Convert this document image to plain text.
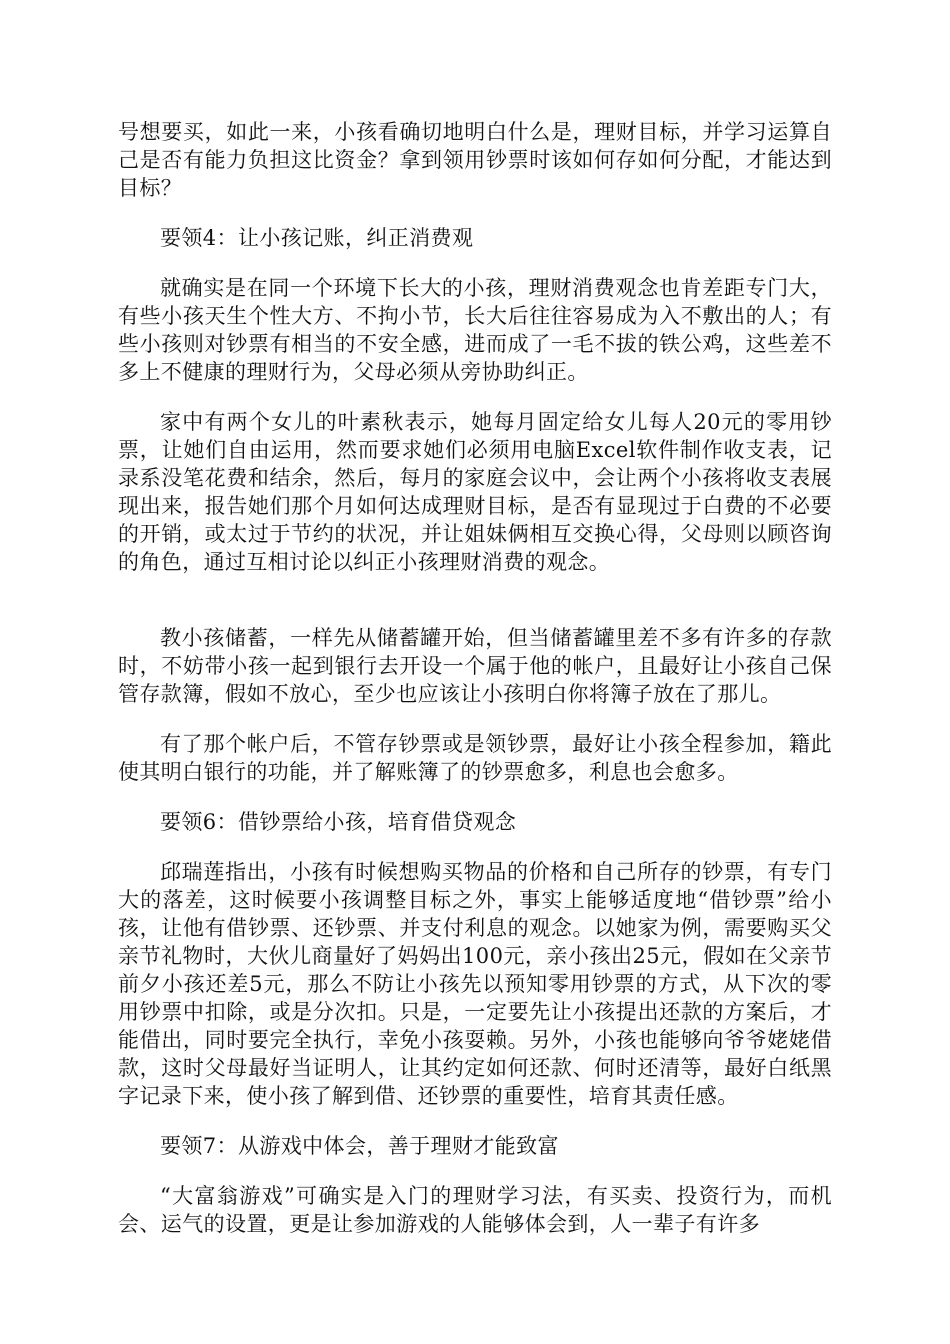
号想要买，如此一来，小孩看确切地明白什么是，理财目标，并学习运算自己是否有能力负担这比资金？拿到领用钞票时该如何存如何分配，才能达到目标？

要领4：让小孩记账，纠正消费观

就确实是在同一个环境下长大的小孩，理财消费观念也肯差距专门大，有些小孩天生个性大方、不拘小节，长大后往往容易成为入不敷出的人；有些小孩则对钞票有相当的不安全感，进而成了一毛不拔的铁公鸡，这些差不多上不健康的理财行为，父母必须从旁协助纠正。

家中有两个女儿的叶素秋表示，她每月固定给女儿每人20元的零用钞票，让她们自由运用，然而要求她们必须用电脑Excel软件制作收支表，记录系没笔花费和结余，然后，每月的家庭会议中，会让两个小孩将收支表展现出来，报告她们那个月如何达成理财目标，是否有显现过于白费的不必要的开销，或太过于节约的状况，并让姐妹俩相互交换心得，父母则以顾咨询的角色，通过互相讨论以纠正小孩理财消费的观念。

教小孩储蓄，一样先从储蓄罐开始，但当储蓄罐里差不多有许多的存款时，不妨带小孩一起到银行去开设一个属于他的帐户，且最好让小孩自己保管存款簿，假如不放心，至少也应该让小孩明白你将簿子放在了那儿。

有了那个帐户后，不管存钞票或是领钞票，最好让小孩全程参加，籍此使其明白银行的功能，并了解账簿了的钞票愈多，利息也会愈多。

要领6：借钞票给小孩，培育借贷观念

邱瑞莲指出，小孩有时候想购买物品的价格和自己所存的钞票，有专门大的落差，这时候要小孩调整目标之外，事实上能够适度地“借钞票”给小孩，让他有借钞票、还钞票、并支付利息的观念。以她家为例，需要购买父亲节礼物时，大伙儿商量好了妈妈出100元，亲小孩出25元，假如在父亲节前夕小孩还差5元，那么不防让小孩先以预知零用钞票的方式，从下次的零用钞票中扣除，或是分次扣。只是，一定要先让小孩提出还款的方案后，才能借出，同时要完全执行，幸免小孩耍赖。另外，小孩也能够向爷爷姥姥借款，这时父母最好当证明人，让其约定如何还款、何时还清等，最好白纸黑字记录下来，使小孩了解到借、还钞票的重要性，培育其责任感。

要领7：从游戏中体会，善于理财才能致富

“大富翁游戏”可确实是入门的理财学习法，有买卖、投资行为，而机会、运气的设置，更是让参加游戏的人能够体会到，人一辈子有许多
